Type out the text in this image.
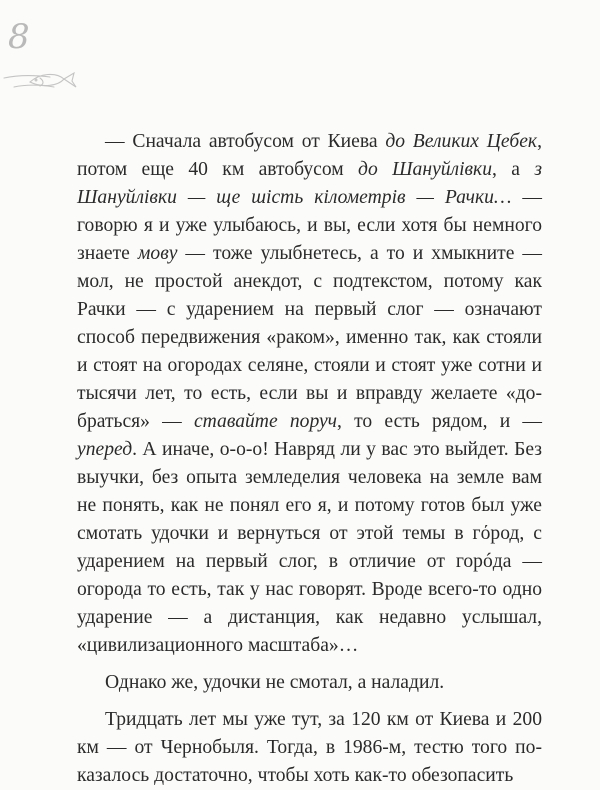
8

— Сначала автобусом от Киева до Великих Цебек, потом еще 40 км автобусом до Шануйлівки, а з Шануйлівки — ще шість кілометрів — Рачки… — говорю я и уже улыбаюсь, и вы, если хотя бы немного знаете мову — тоже улыбнетесь, а то и хмыкните — мол, не простой анекдот, с подтекстом, потому как Рачки — с ударением на первый слог — означают способ передвижения «раком», именно так, как стояли и стоят на огородах селяне, стояли и стоят уже сотни и тысячи лет, то есть, если вы и вправду желаете «добраться» — ставайте поруч, то есть рядом, и — уперед. А иначе, о-о-о! Навряд ли у вас это выйдет. Без выучки, без опыта земледелия человека на земле вам не понять, как не понял его я, и потому готов был уже смотать удочки и вернуться от этой темы в гόрод, с ударением на первый слог, в отличие от горóда — огорода то есть, так у нас говорят. Вроде всего-то одно ударение — а дистанция, как недавно услышал, «цивилизационного масштаба»…

Однако же, удочки не смотал, а наладил.

Тридцать лет мы уже тут, за 120 км от Киева и 200 км — от Чернобыля. Тогда, в 1986-м, тестю того показалось достаточно, чтобы хоть как-то обезопасить
